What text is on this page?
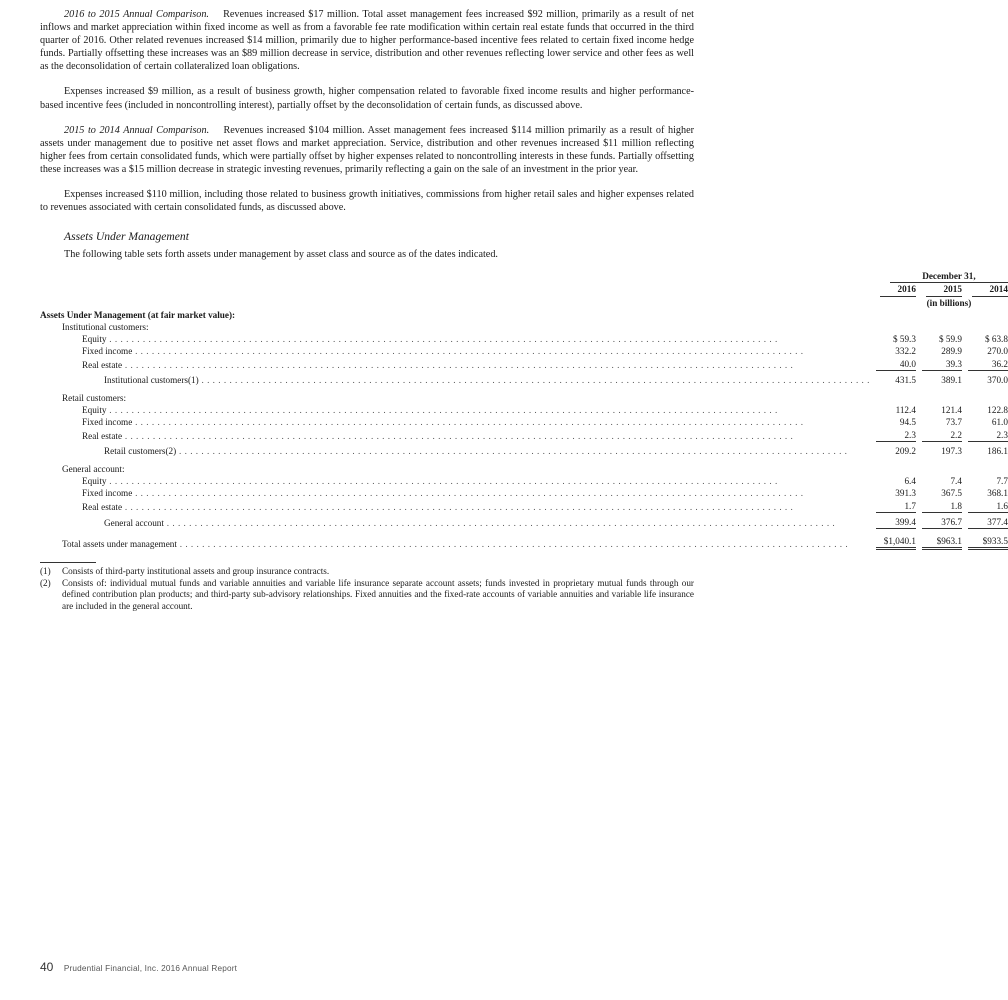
2016 to 2015 Annual Comparison. Revenues increased $17 million. Total asset management fees increased $92 million, primarily as a result of net inflows and market appreciation within fixed income as well as from a favorable fee rate modification within certain real estate funds that occurred in the third quarter of 2016. Other related revenues increased $14 million, primarily due to higher performance-based incentive fees related to certain fixed income hedge funds. Partially offsetting these increases was an $89 million decrease in service, distribution and other revenues reflecting lower service and other fees as well as the deconsolidation of certain collateralized loan obligations.

Expenses increased $9 million, as a result of business growth, higher compensation related to favorable fixed income results and higher performance-based incentive fees (included in noncontrolling interest), partially offset by the deconsolidation of certain funds, as discussed above.

2015 to 2014 Annual Comparison. Revenues increased $104 million. Asset management fees increased $114 million primarily as a result of higher assets under management due to positive net asset flows and market appreciation. Service, distribution and other revenues increased $11 million reflecting higher fees from certain consolidated funds, which were partially offset by higher expenses related to noncontrolling interests in these funds. Partially offsetting these increases was a $15 million decrease in strategic investing revenues, primarily reflecting a gain on the sale of an investment in the prior year.

Expenses increased $110 million, including those related to business growth initiatives, commissions from higher retail sales and higher expenses related to revenues associated with certain consolidated funds, as discussed above.

Assets Under Management
The following table sets forth assets under management by asset class and source as of the dates indicated.

	December 31,		

	2016	2015	2014
	(in billions)		
Assets Under Management (at fair market value):			
Institutional customers:			
Equity . . . . . . . . . . . . . . . . . . . . . . . . . . . . . . . . . . . . . . . . . . . . . . . . . . . . . . . . . . . . . . . . . . . . . . . . . . . . . . . . . . . . . . . . . . . . . . . . . . . . . . . . . . . . . . . . . . . . . . . .	$ 59.3	$ 59.9	$ 63.8
Fixed income . . . . . . . . . . . . . . . . . . . . . . . . . . . . . . . . . . . . . . . . . . . . . . . . . . . . . . . . . . . . . . . . . . . . . . . . . . . . . . . . . . . . . . . . . . . . . . . . . . . . . . . . . . . . . . . . . . . . . . . .	332.2	289.9	270.0
Real estate . . . . . . . . . . . . . . . . . . . . . . . . . . . . . . . . . . . . . . . . . . . . . . . . . . . . . . . . . . . . . . . . . . . . . . . . . . . . . . . . . . . . . . . . . . . . . . . . . . . . . . . . . . . . . . . . . . . . . . . .	40.0	39.3	36.2
Institutional customers(1) . . . . . . . . . . . . . . . . . . . . . . . . . . . . . . . . . . . . . . . . . . . . . . . . . . . . . . . . . . . . . . . . . . . . . . . . . . . . . . . . . . . . . . . . . . . . . . . . . . . . . . . . . . . . . . . . . . . . . . . .	431.5	389.1	370.0

Retail customers:			
Equity . . . . . . . . . . . . . . . . . . . . . . . . . . . . . . . . . . . . . . . . . . . . . . . . . . . . . . . . . . . . . . . . . . . . . . . . . . . . . . . . . . . . . . . . . . . . . . . . . . . . . . . . . . . . . . . . . . . . . . . .	112.4	121.4	122.8
Fixed income . . . . . . . . . . . . . . . . . . . . . . . . . . . . . . . . . . . . . . . . . . . . . . . . . . . . . . . . . . . . . . . . . . . . . . . . . . . . . . . . . . . . . . . . . . . . . . . . . . . . . . . . . . . . . . . . . . . . . . . .	94.5	73.7	61.0
Real estate . . . . . . . . . . . . . . . . . . . . . . . . . . . . . . . . . . . . . . . . . . . . . . . . . . . . . . . . . . . . . . . . . . . . . . . . . . . . . . . . . . . . . . . . . . . . . . . . . . . . . . . . . . . . . . . . . . . . . . . .	2.3	2.2	2.3
Retail customers(2) . . . . . . . . . . . . . . . . . . . . . . . . . . . . . . . . . . . . . . . . . . . . . . . . . . . . . . . . . . . . . . . . . . . . . . . . . . . . . . . . . . . . . . . . . . . . . . . . . . . . . . . . . . . . . . . . . . . . . . . .	209.2	197.3	186.1

General account:			
Equity . . . . . . . . . . . . . . . . . . . . . . . . . . . . . . . . . . . . . . . . . . . . . . . . . . . . . . . . . . . . . . . . . . . . . . . . . . . . . . . . . . . . . . . . . . . . . . . . . . . . . . . . . . . . . . . . . . . . . . . .	6.4	7.4	7.7
Fixed income . . . . . . . . . . . . . . . . . . . . . . . . . . . . . . . . . . . . . . . . . . . . . . . . . . . . . . . . . . . . . . . . . . . . . . . . . . . . . . . . . . . . . . . . . . . . . . . . . . . . . . . . . . . . . . . . . . . . . . . .	391.3	367.5	368.1
Real estate . . . . . . . . . . . . . . . . . . . . . . . . . . . . . . . . . . . . . . . . . . . . . . . . . . . . . . . . . . . . . . . . . . . . . . . . . . . . . . . . . . . . . . . . . . . . . . . . . . . . . . . . . . . . . . . . . . . . . . . .	1.7	1.8	1.6
General account . . . . . . . . . . . . . . . . . . . . . . . . . . . . . . . . . . . . . . . . . . . . . . . . . . . . . . . . . . . . . . . . . . . . . . . . . . . . . . . . . . . . . . . . . . . . . . . . . . . . . . . . . . . . . . . . . . . . . . . .	399.4	376.7	377.4

Total assets under management . . . . . . . . . . . . . . . . . . . . . . . . . . . . . . . . . . . . . . . . . . . . . . . . . . . . . . . . . . . . . . . . . . . . . . . . . . . . . . . . . . . . . . . . . . . . . . . . . . . . . . . . . . . . . . . . . . . . . . . .	$1,040.1	$963.1	$933.5
(1)	Consists of third-party institutional assets and group insurance contracts.
(2)	Consists of: individual mutual funds and variable annuities and variable life insurance separate account assets; funds invested in proprietary mutual funds through our defined contribution plan products; and third-party sub-advisory relationships. Fixed annuities and the fixed-rate accounts of variable annuities and variable life insurance are included in the general account.
40 Prudential Financial, Inc. 2016 Annual Report
